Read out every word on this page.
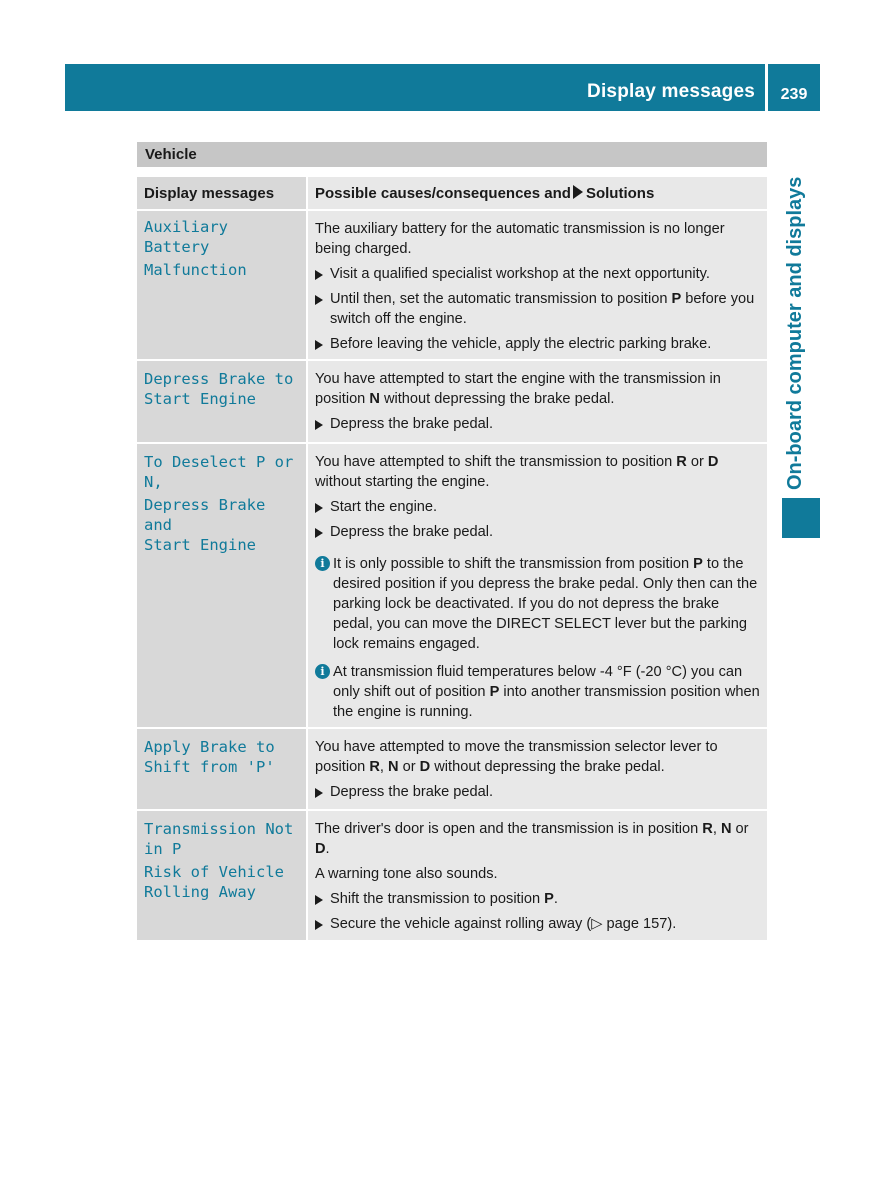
Display messages	239
On-board computer and displays
Vehicle
Display messages	Possible causes/consequences and Solutions
Auxiliary Battery
Malfunction

The auxiliary battery for the automatic transmission is no longer being charged.

Visit a qualified specialist workshop at the next opportunity.
Until then, set the automatic transmission to position P before you switch off the engine.
Before leaving the vehicle, apply the electric parking brake.
Depress Brake to
Start Engine

You have attempted to start the engine with the transmission in position N without depressing the brake pedal.

Depress the brake pedal.
To Deselect P or N,
Depress Brake and
Start Engine

You have attempted to shift the transmission to position R or D without starting the engine.

Start the engine.
Depress the brake pedal.
i It is only possible to shift the transmission from position P to the desired position if you depress the brake pedal. Only then can the parking lock be deactivated. If you do not depress the brake pedal, you can move the DIRECT SELECT lever but the parking lock remains engaged.
i At transmission fluid temperatures below -4 °F (-20 °C) you can only shift out of position P into another transmission position when the engine is running.
Apply Brake to
Shift from 'P'

You have attempted to move the transmission selector lever to position R, N or D without depressing the brake pedal.

Depress the brake pedal.
Transmission Not
in P
Risk of Vehicle
Rolling Away

The driver's door is open and the transmission is in position R, N or D.

A warning tone also sounds.

Shift the transmission to position P.
Secure the vehicle against rolling away (▷ page 157).
